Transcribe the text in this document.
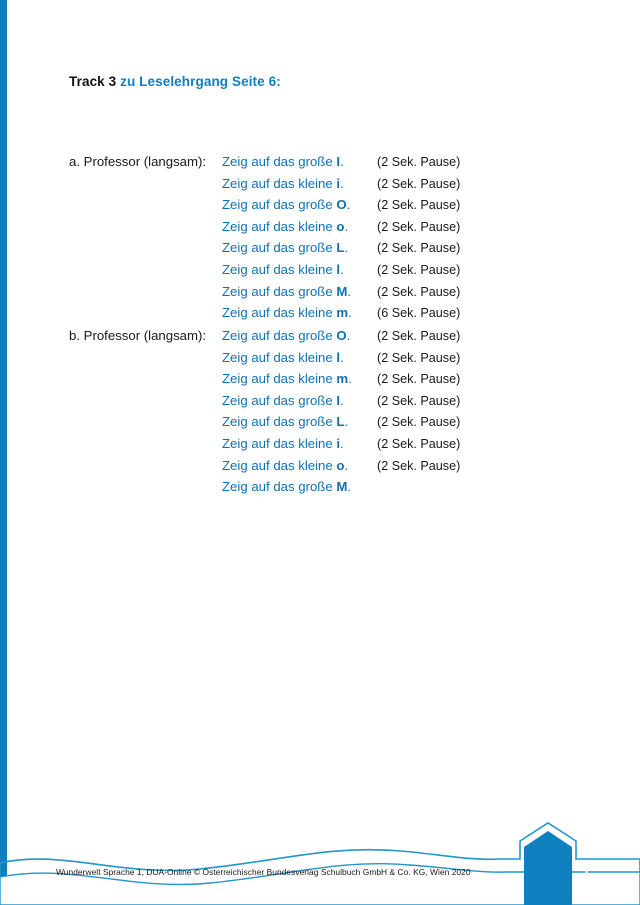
Track 3 zu Leselehrgang Seite 6:
a. Professor (langsam):	Zeig auf das große I.	(2 Sek. Pause)
Zeig auf das kleine i.	(2 Sek. Pause)
Zeig auf das große O.	(2 Sek. Pause)
Zeig auf das kleine o.	(2 Sek. Pause)
Zeig auf das große L.	(2 Sek. Pause)
Zeig auf das kleine l.	(2 Sek. Pause)
Zeig auf das große M.	(2 Sek. Pause)
Zeig auf das kleine m.	(6 Sek. Pause)
b. Professor (langsam):	Zeig auf das große O.	(2 Sek. Pause)
Zeig auf das kleine l.	(2 Sek. Pause)
Zeig auf das kleine m.	(2 Sek. Pause)
Zeig auf das große I.	(2 Sek. Pause)
Zeig auf das große L.	(2 Sek. Pause)
Zeig auf das kleine i.	(2 Sek. Pause)
Zeig auf das kleine o.	(2 Sek. Pause)
Zeig auf das große M.
Wunderwelt Sprache 1, DUA-Online © Österreichischer Bundesverlag Schulbuch GmbH & Co. KG, Wien 2020	1
